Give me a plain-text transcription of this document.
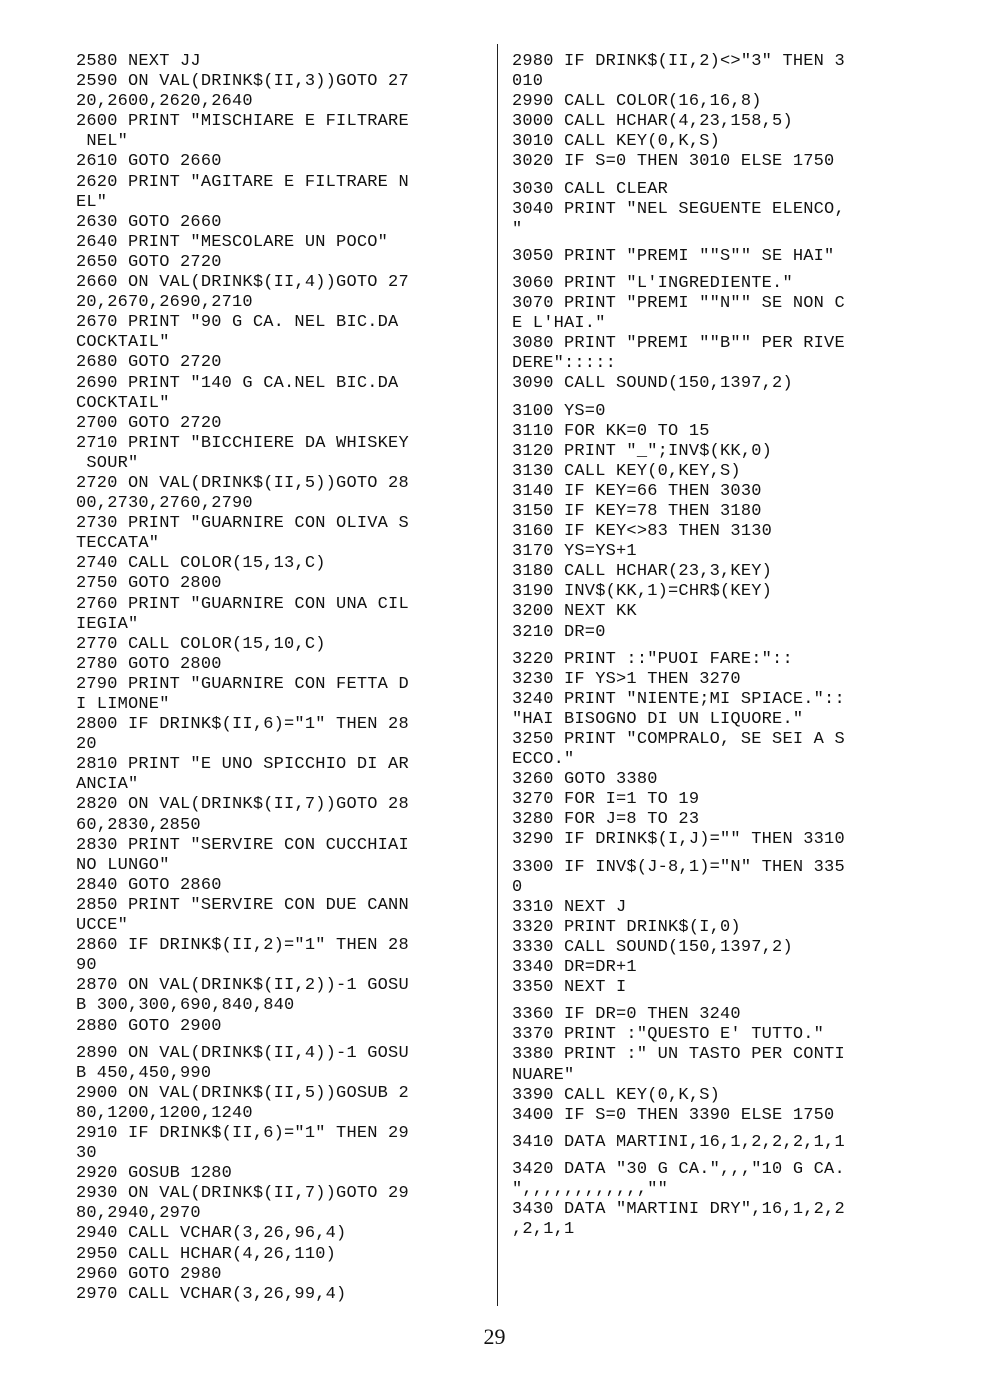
2580 NEXT JJ
2590 ON VAL(DRINK$(II,3))GOTO 27
20,2600,2620,2640
2600 PRINT "MISCHIARE E FILTRARE
NEL"
2610 GOTO 2660
2620 PRINT "AGITARE E FILTRARE N
EL"
2630 GOTO 2660
2640 PRINT "MESCOLARE UN POCO"
2650 GOTO 2720
2660 ON VAL(DRINK$(II,4))GOTO 27
20,2670,2690,2710
2670 PRINT "90 G CA. NEL BIC.DA
COCKTAIL"
2680 GOTO 2720
2690 PRINT "140 G CA.NEL BIC.DA
COCKTAIL"
2700 GOTO 2720
2710 PRINT "BICCHIERE DA WHISKEY
SOUR"
2720 ON VAL(DRINK$(II,5))GOTO 28
00,2730,2760,2790
2730 PRINT "GUARNIRE CON OLIVA S
TECCATA"
2740 CALL COLOR(15,13,C)
2750 GOTO 2800
2760 PRINT "GUARNIRE CON UNA CIL
IEGIA"
2770 CALL COLOR(15,10,C)
2780 GOTO 2800
2790 PRINT "GUARNIRE CON FETTA D
I LIMONE"
2800 IF DRINK$(II,6)="1" THEN 28
20
2810 PRINT "E UNO SPICCHIO DI AR
ANCIA"
2820 ON VAL(DRINK$(II,7))GOTO 28
60,2830,2850
2830 PRINT "SERVIRE CON CUCCHIAI
NO LUNGO"
2840 GOTO 2860
2850 PRINT "SERVIRE CON DUE CANN
UCCE"
2860 IF DRINK$(II,2)="1" THEN 28
90
2870 ON VAL(DRINK$(II,2))-1 GOSU
B 300,300,690,840,840
2880 GOTO 2900
2890 ON VAL(DRINK$(II,4))-1 GOSU
B 450,450,990
2900 ON VAL(DRINK$(II,5))GOSUB 2
80,1200,1200,1240
2910 IF DRINK$(II,6)="1" THEN 29
30
2920 GOSUB 1280
2930 ON VAL(DRINK$(II,7))GOTO 29
80,2940,2970
2940 CALL VCHAR(3,26,96,4)
2950 CALL HCHAR(4,26,110)
2960 GOTO 2980
2970 CALL VCHAR(3,26,99,4)
2980 IF DRINK$(II,2)<>"3" THEN 3
010
2990 CALL COLOR(16,16,8)
3000 CALL HCHAR(4,23,158,5)
3010 CALL KEY(0,K,S)
3020 IF S=0 THEN 3010 ELSE 1750
3030 CALL CLEAR
3040 PRINT "NEL SEGUENTE ELENCO,
"
3050 PRINT "PREMI ""S"" SE HAI"
3060 PRINT "L'INGREDIENTE."
3070 PRINT "PREMI ""N"" SE NON C
E L'HAI."
3080 PRINT "PREMI ""B"" PER RIVE
DERE":::::
3090 CALL SOUND(150,1397,2)
3100 YS=0
3110 FOR KK=0 TO 15
3120 PRINT "_";INV$(KK,0)
3130 CALL KEY(0,KEY,S)
3140 IF KEY=66 THEN 3030
3150 IF KEY=78 THEN 3180
3160 IF KEY<>83 THEN 3130
3170 YS=YS+1
3180 CALL HCHAR(23,3,KEY)
3190 INV$(KK,1)=CHR$(KEY)
3200 NEXT KK
3210 DR=0
3220 PRINT ::"PUOI FARE:"::
3230 IF YS>1 THEN 3270
3240 PRINT "NIENTE;MI SPIACE."::
"HAI BISOGNO DI UN LIQUORE."
3250 PRINT "COMPRALO, SE SEI A S
ECCO."
3260 GOTO 3380
3270 FOR I=1 TO 19
3280 FOR J=8 TO 23
3290 IF DRINK$(I,J)="" THEN 3310
3300 IF INV$(J-8,1)="N" THEN 335
0
3310 NEXT J
3320 PRINT DRINK$(I,0)
3330 CALL SOUND(150,1397,2)
3340 DR=DR+1
3350 NEXT I
3360 IF DR=0 THEN 3240
3370 PRINT :"QUESTO E' TUTTO."
3380 PRINT :" UN TASTO PER CONTI
NUARE"
3390 CALL KEY(0,K,S)
3400 IF S=0 THEN 3390 ELSE 1750
3410 DATA MARTINI,16,1,2,2,2,1,1
3420 DATA "30 G CA.",,,"10 G CA.
",,,,,,,,,,,,""
3430 DATA "MARTINI DRY",16,1,2,2
,2,1,1
29
